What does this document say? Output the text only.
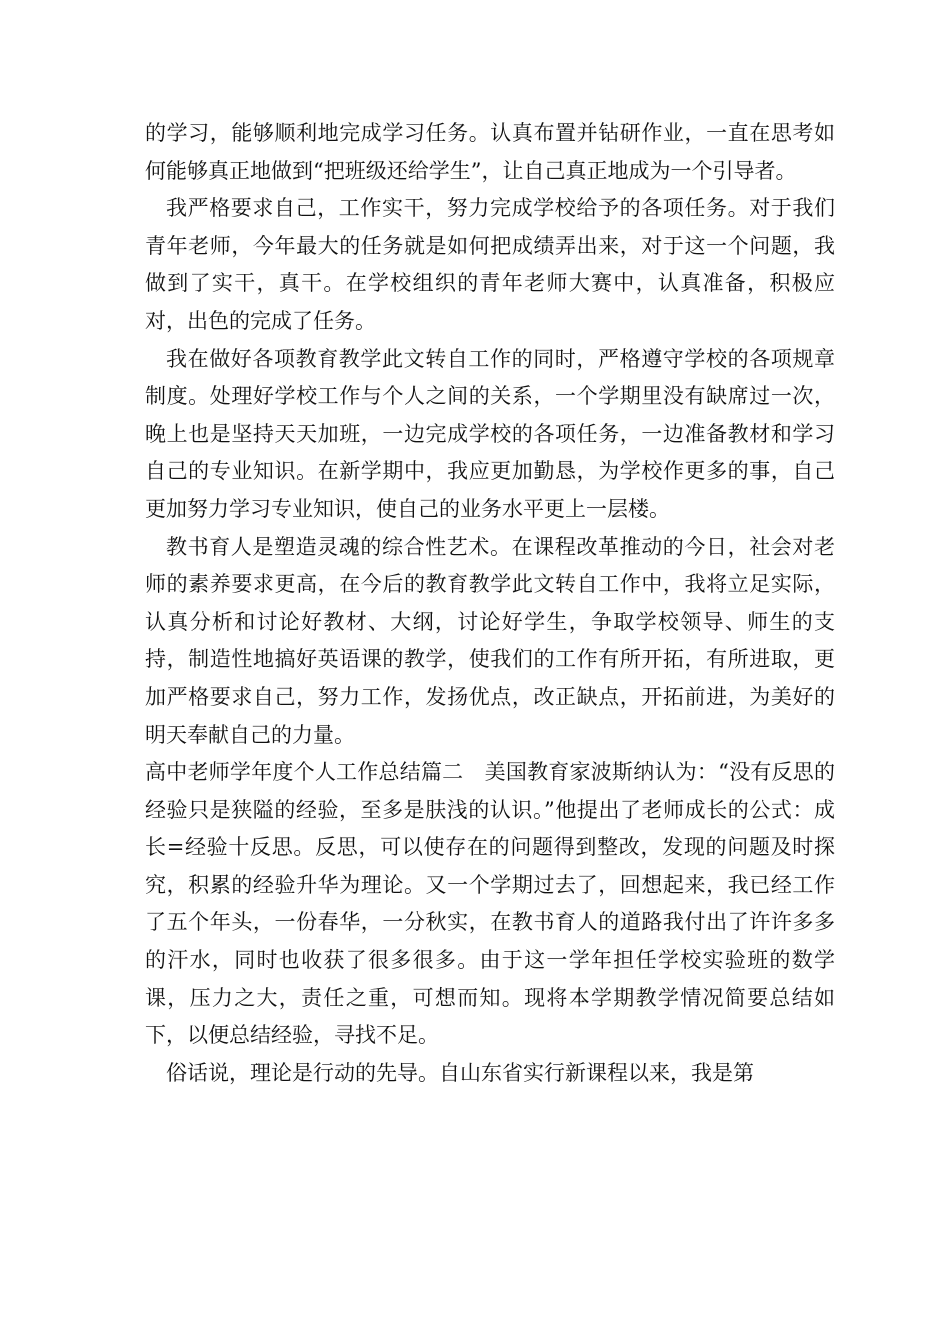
的学习，能够顺利地完成学习任务。认真布置并钻研作业，一直在思考如何能够真正地做到“把班级还给学生”，让自己真正地成为一个引导者。

我严格要求自己，工作实干，努力完成学校给予的各项任务。对于我们青年老师，今年最大的任务就是如何把成绩弄出来，对于这一个问题，我做到了实干，真干。在学校组织的青年老师大赛中，认真准备，积极应对，出色的完成了任务。

我在做好各项教育教学此文转自工作的同时，严格遵守学校的各项规章制度。处理好学校工作与个人之间的关系，一个学期里没有缺席过一次，晚上也是坚持天天加班，一边完成学校的各项任务，一边准备教材和学习自己的专业知识。在新学期中，我应更加勤恳，为学校作更多的事，自己更加努力学习专业知识，使自己的业务水平更上一层楼。

教书育人是塑造灵魂的综合性艺术。在课程改革推动的今日，社会对老师的素养要求更高，在今后的教育教学此文转自工作中，我将立足实际，认真分析和讨论好教材、大纲，讨论好学生，争取学校领导、师生的支持，制造性地搞好英语课的教学，使我们的工作有所开拓，有所进取，更加严格要求自己，努力工作，发扬优点，改正缺点，开拓前进，为美好的明天奉献自己的力量。

高中老师学年度个人工作总结篇二　美国教育家波斯纳认为：“没有反思的经验只是狭隘的经验，至多是肤浅的认识。”他提出了老师成长的公式：成长=经验十反思。反思，可以使存在的问题得到整改，发现的问题及时探究，积累的经验升华为理论。又一个学期过去了，回想起来，我已经工作了五个年头，一份春华，一分秋实，在教书育人的道路我付出了许许多多的汗水，同时也收获了很多很多。由于这一学年担任学校实验班的数学课，压力之大，责任之重，可想而知。现将本学期教学情况简要总结如下，以便总结经验，寻找不足。

俗话说，理论是行动的先导。自山东省实行新课程以来，我是第
